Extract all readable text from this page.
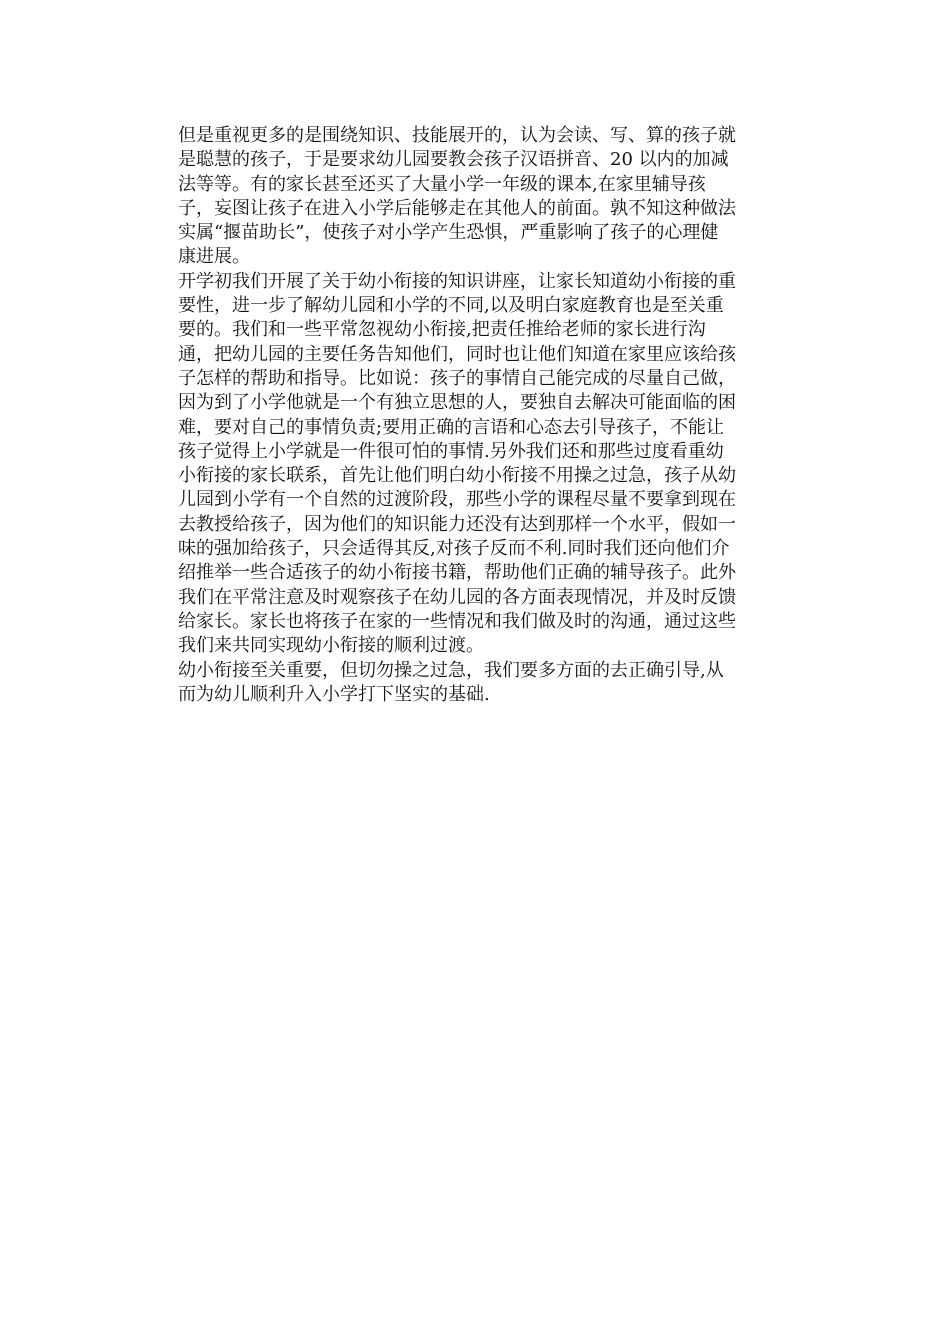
但是重视更多的是围绕知识、技能展开的，认为会读、写、算的孩子就
是聪慧的孩子，于是要求幼儿园要教会孩子汉语拼音、20 以内的加减
法等等。有的家长甚至还买了大量小学一年级的课本,在家里辅导孩
子，妄图让孩子在进入小学后能够走在其他人的前面。孰不知这种做法
实属“揠苗助长”，使孩子对小学产生恐惧，严重影响了孩子的心理健
康进展。
开学初我们开展了关于幼小衔接的知识讲座，让家长知道幼小衔接的重
要性，进一步了解幼儿园和小学的不同,以及明白家庭教育也是至关重
要的。我们和一些平常忽视幼小衔接,把责任推给老师的家长进行沟
通，把幼儿园的主要任务告知他们，同时也让他们知道在家里应该给孩
子怎样的帮助和指导。比如说：孩子的事情自己能完成的尽量自己做，
因为到了小学他就是一个有独立思想的人，要独自去解决可能面临的困
难，要对自己的事情负责;要用正确的言语和心态去引导孩子，不能让
孩子觉得上小学就是一件很可怕的事情.另外我们还和那些过度看重幼
小衔接的家长联系，首先让他们明白幼小衔接不用操之过急，孩子从幼
儿园到小学有一个自然的过渡阶段，那些小学的课程尽量不要拿到现在
去教授给孩子，因为他们的知识能力还没有达到那样一个水平，假如一
味的强加给孩子，只会适得其反,对孩子反而不利.同时我们还向他们介
绍推举一些合适孩子的幼小衔接书籍，帮助他们正确的辅导孩子。此外
我们在平常注意及时观察孩子在幼儿园的各方面表现情况，并及时反馈
给家长。家长也将孩子在家的一些情况和我们做及时的沟通，通过这些
我们来共同实现幼小衔接的顺利过渡。
幼小衔接至关重要，但切勿操之过急，我们要多方面的去正确引导,从
而为幼儿顺利升入小学打下坚实的基础.
